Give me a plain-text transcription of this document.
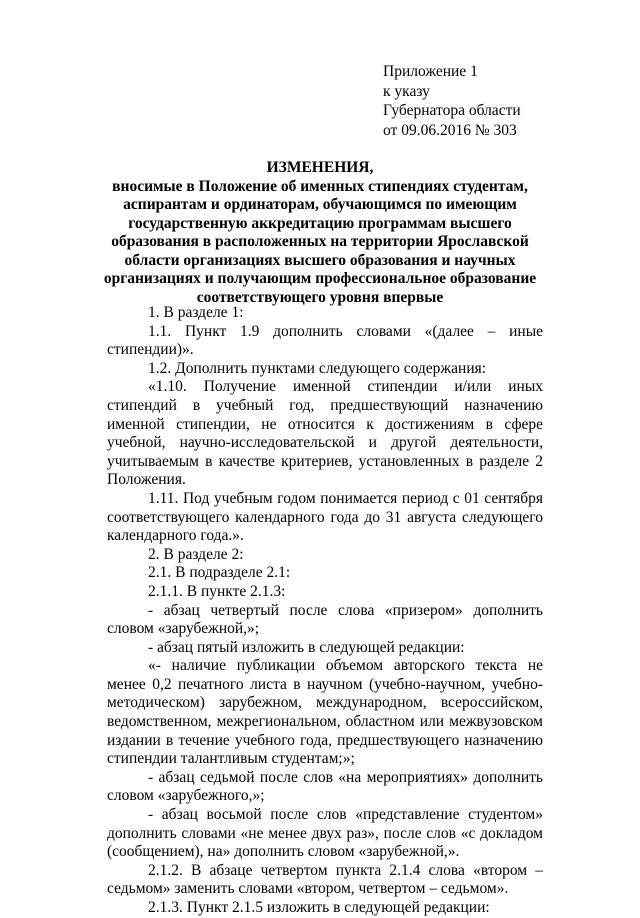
Приложение 1
к указу
Губернатора области
от 09.06.2016 № 303
ИЗМЕНЕНИЯ,
вносимые в Положение об именных стипендиях студентам, аспирантам и ординаторам, обучающимся по имеющим государственную аккредитацию программам высшего образования в расположенных на территории Ярославской области организациях высшего образования и научных организациях и получающим профессиональное образование соответствующего уровня впервые

1. В разделе 1:

1.1. Пункт 1.9 дополнить словами «(далее – иные стипендии)».

1.2. Дополнить пунктами следующего содержания:

«1.10. Получение именной стипендии и/или иных стипендий в учебный год, предшествующий назначению именной стипендии, не относится к достижениям в сфере учебной, научно-исследовательской и другой деятельности, учитываемым в качестве критериев, установленных в разделе 2 Положения.

1.11. Под учебным годом понимается период с 01 сентября соответствующего календарного года до 31 августа следующего календарного года.».

2. В разделе 2:

2.1. В подразделе 2.1:

2.1.1. В пункте 2.1.3:

- абзац четвертый после слова «призером» дополнить словом «зарубежной,»;

- абзац пятый изложить в следующей редакции:

«- наличие публикации объемом авторского текста не менее 0,2 печатного листа в научном (учебно-научном, учебно-методическом) зарубежном, международном, всероссийском, ведомственном, межрегиональном, областном или межвузовском издании в течение учебного года, предшествующего назначению стипендии талантливым студентам;»;

- абзац седьмой после слов «на мероприятиях» дополнить словом «зарубежного,»;

- абзац восьмой после слов «представление студентом» дополнить словами «не менее двух раз», после слов «с докладом (сообщением), на» дополнить словом «зарубежной,».

2.1.2. В абзаце четвертом пункта 2.1.4 слова «втором – седьмом» заменить словами «втором, четвертом – седьмом».

2.1.3. Пункт 2.1.5 изложить в следующей редакции:
